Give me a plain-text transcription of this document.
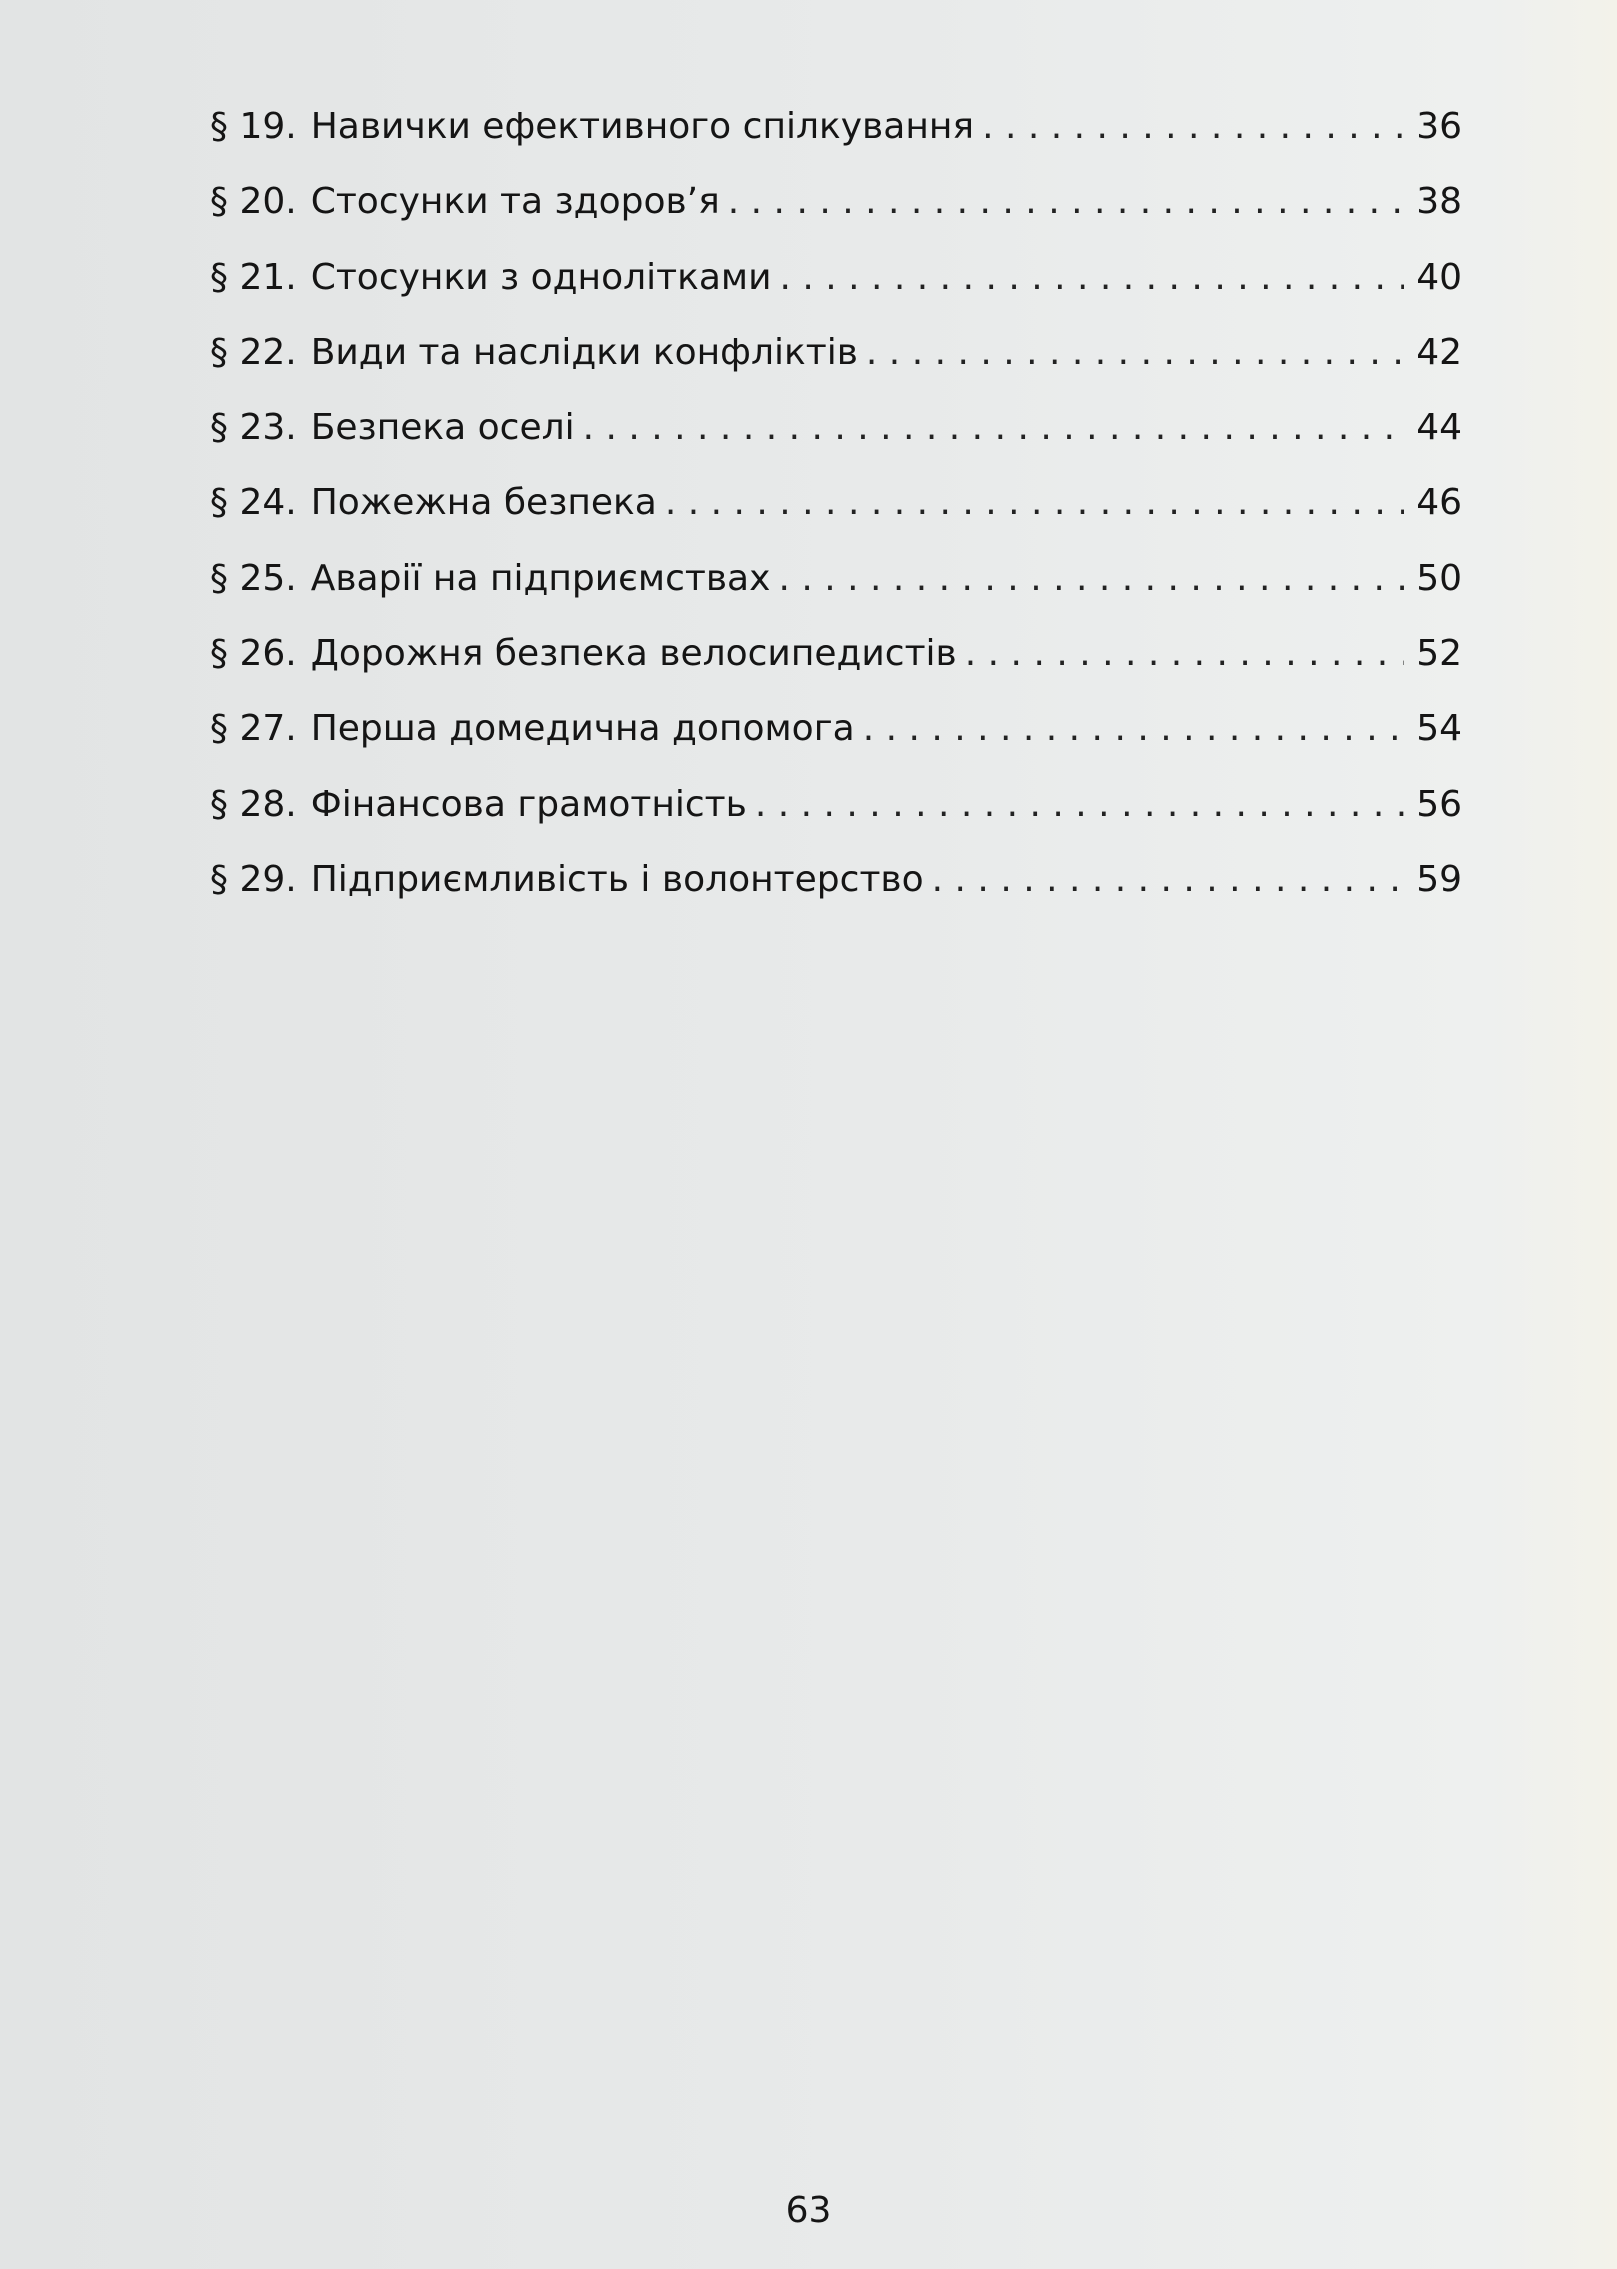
§ 19. Навички ефективного спілкування . . .	36
§ 20. Стосунки та здоров’я . . .	38
§ 21. Стосунки з однолітками . . .	40
§ 22. Види та наслідки конфліктів . . .	42
§ 23. Безпека оселі . . .	44
§ 24. Пожежна безпека . . .	46
§ 25. Аварії на підприємствах . . .	50
§ 26. Дорожня безпека велосипедистів . . .	52
§ 27. Перша домедична допомога . . .	54
§ 28. Фінансова грамотність . . .	56
§ 29. Підприємливість і волонтерство . . .	59
63
